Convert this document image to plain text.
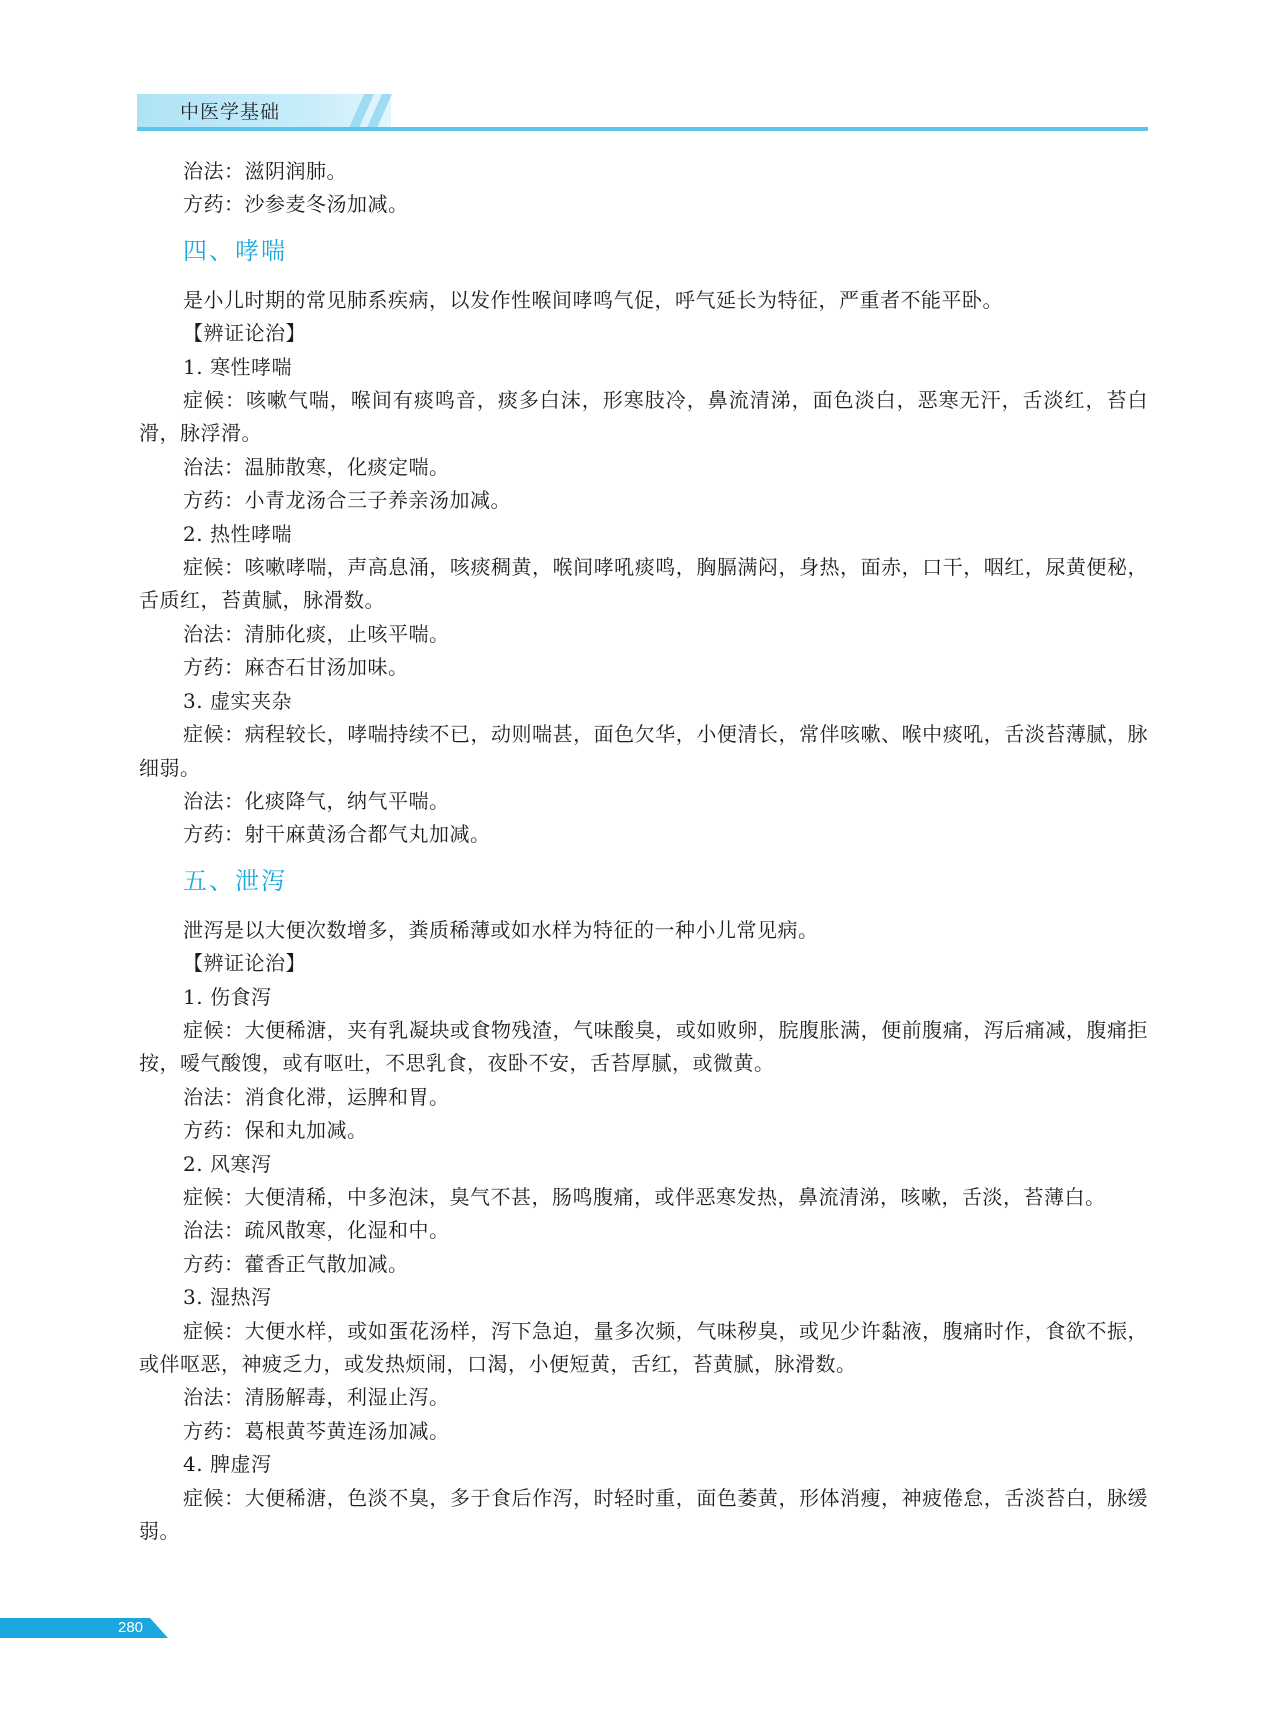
中医学基础

治法：滋阴润肺。

方药：沙参麦冬汤加减。

四、哮喘

是小儿时期的常见肺系疾病，以发作性喉间哮鸣气促，呼气延长为特征，严重者不能平卧。

【辨证论治】

1. 寒性哮喘

症候：咳嗽气喘，喉间有痰鸣音，痰多白沫，形寒肢冷，鼻流清涕，面色淡白，恶寒无汗，舌淡红，苔白滑，脉浮滑。

治法：温肺散寒，化痰定喘。

方药：小青龙汤合三子养亲汤加减。

2. 热性哮喘

症候：咳嗽哮喘，声高息涌，咳痰稠黄，喉间哮吼痰鸣，胸膈满闷，身热，面赤，口干，咽红，尿黄便秘，舌质红，苔黄腻，脉滑数。

治法：清肺化痰，止咳平喘。

方药：麻杏石甘汤加味。

3. 虚实夹杂

症候：病程较长，哮喘持续不已，动则喘甚，面色欠华，小便清长，常伴咳嗽、喉中痰吼，舌淡苔薄腻，脉细弱。

治法：化痰降气，纳气平喘。

方药：射干麻黄汤合都气丸加减。

五、泄泻

泄泻是以大便次数增多，粪质稀薄或如水样为特征的一种小儿常见病。

【辨证论治】

1. 伤食泻

症候：大便稀溏，夹有乳凝块或食物残渣，气味酸臭，或如败卵，脘腹胀满，便前腹痛，泻后痛减，腹痛拒按，嗳气酸馊，或有呕吐，不思乳食，夜卧不安，舌苔厚腻，或微黄。

治法：消食化滞，运脾和胃。

方药：保和丸加减。

2. 风寒泻

症候：大便清稀，中多泡沫，臭气不甚，肠鸣腹痛，或伴恶寒发热，鼻流清涕，咳嗽，舌淡，苔薄白。

治法：疏风散寒，化湿和中。

方药：藿香正气散加减。

3. 湿热泻

症候：大便水样，或如蛋花汤样，泻下急迫，量多次频，气味秽臭，或见少许黏液，腹痛时作，食欲不振，或伴呕恶，神疲乏力，或发热烦闹，口渴，小便短黄，舌红，苔黄腻，脉滑数。

治法：清肠解毒，利湿止泻。

方药：葛根黄芩黄连汤加减。

4. 脾虚泻

症候：大便稀溏，色淡不臭，多于食后作泻，时轻时重，面色萎黄，形体消瘦，神疲倦怠，舌淡苔白，脉缓弱。

280
